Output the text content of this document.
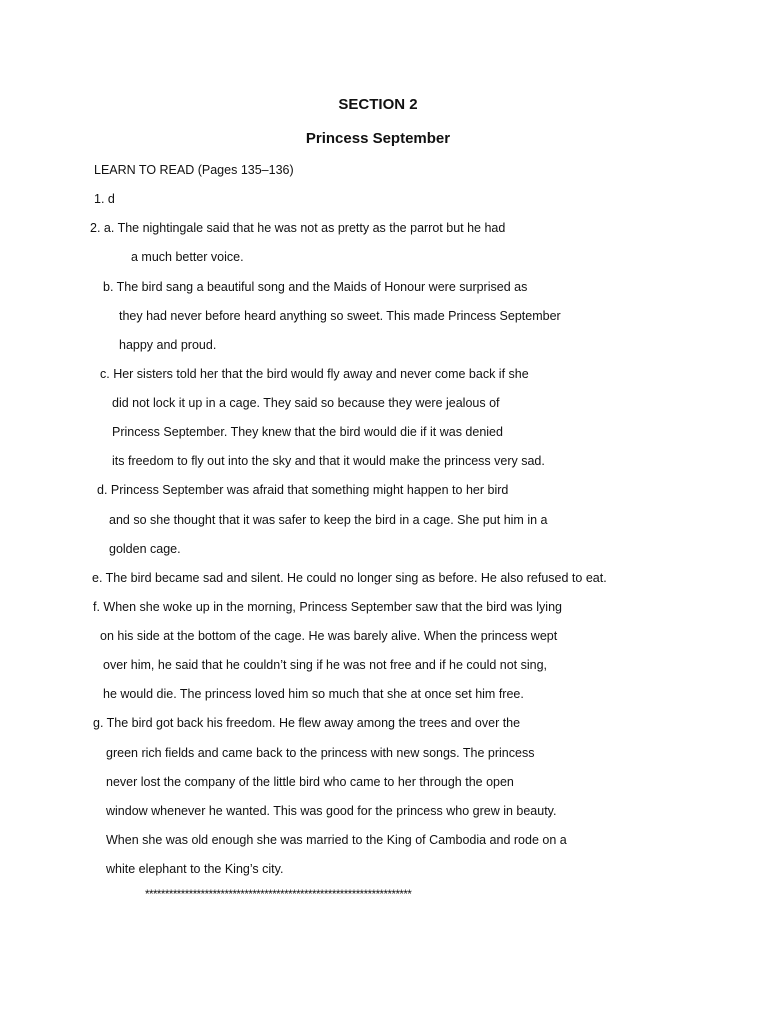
SECTION 2
Princess September
LEARN TO READ (Pages 135–136)
1. d
2. a. The nightingale said that he was not as pretty as the parrot but he had
a much better voice.
b. The bird sang a beautiful song and the Maids of Honour were surprised as
they had never before heard anything so sweet. This made Princess September
happy and proud.
c. Her sisters told her that the bird would fly away and never come back if she
did not lock it up in a cage. They said so because they were jealous of
Princess September. They knew that the bird would die if it was denied
its freedom to fly out into the sky and that it would make the princess very sad.
d. Princess September was afraid that something might happen to her bird
and so she thought that it was safer to keep the bird in a cage. She put him in a
golden cage.
e. The bird became sad and silent. He could no longer sing as before. He also refused to eat.
f. When she woke up in the morning, Princess September saw that the bird was lying
on his side at the bottom of the cage. He was barely alive. When the princess wept
over him, he said that he couldn’t sing if he was not free and if he could not sing,
he would die. The princess loved him so much that she at once set him free.
g. The bird got back his freedom. He flew away among the trees and over the
green rich fields and came back to the princess with new songs. The princess
never lost the company of the little bird who came to her through the open
window whenever he wanted. This was good for the princess who grew in beauty.
When she was old enough she was married to the King of Cambodia and rode on a
white elephant to the King’s city.
*******************************************************************
